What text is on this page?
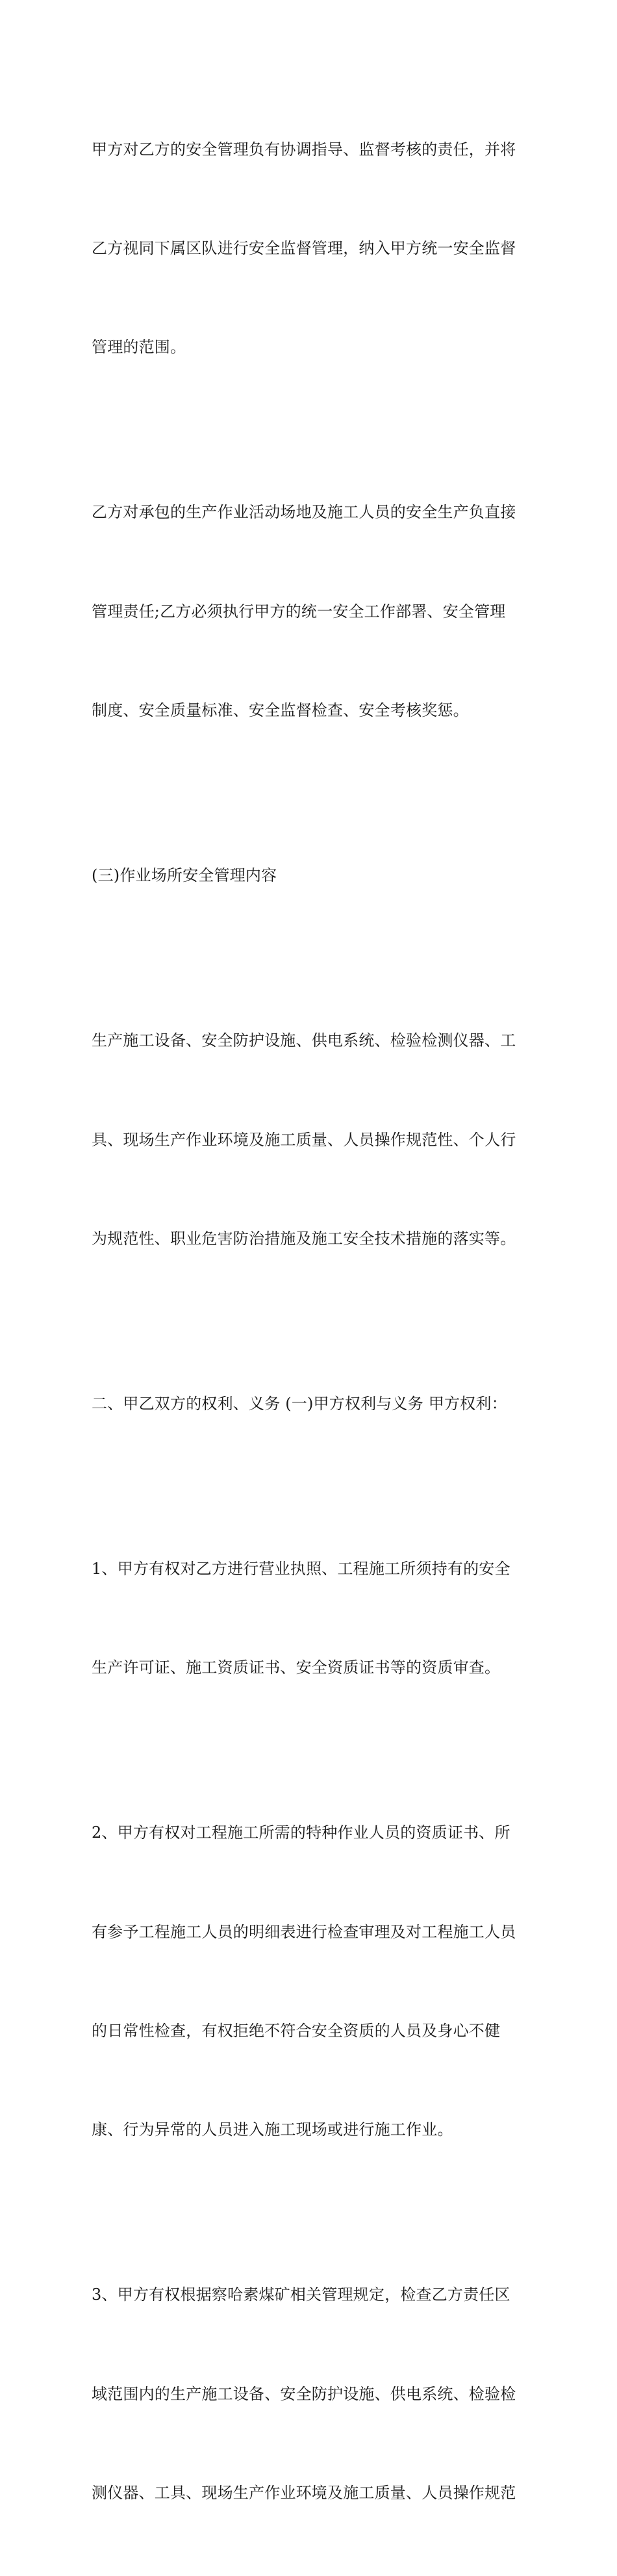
甲方对乙方的安全管理负有协调指导、监督考核的责任，并将

乙方视同下属区队进行安全监督管理，纳入甲方统一安全监督

管理的范围。

乙方对承包的生产作业活动场地及施工人员的安全生产负直接

管理责任;乙方必须执行甲方的统一安全工作部署、安全管理

制度、安全质量标准、安全监督检查、安全考核奖惩。

(三)作业场所安全管理内容

生产施工设备、安全防护设施、供电系统、检验检测仪器、工

具、现场生产作业环境及施工质量、人员操作规范性、个人行

为规范性、职业危害防治措施及施工安全技术措施的落实等。

二、甲乙双方的权利、义务 (一)甲方权利与义务 甲方权利：

1、甲方有权对乙方进行营业执照、工程施工所须持有的安全

生产许可证、施工资质证书、安全资质证书等的资质审查。

2、甲方有权对工程施工所需的特种作业人员的资质证书、所

有参予工程施工人员的明细表进行检查审理及对工程施工人员

的日常性检查，有权拒绝不符合安全资质的人员及身心不健

康、行为异常的人员进入施工现场或进行施工作业。

3、甲方有权根据察哈素煤矿相关管理规定，检查乙方责任区

域范围内的生产施工设备、安全防护设施、供电系统、检验检

测仪器、工具、现场生产作业环境及施工质量、人员操作规范
